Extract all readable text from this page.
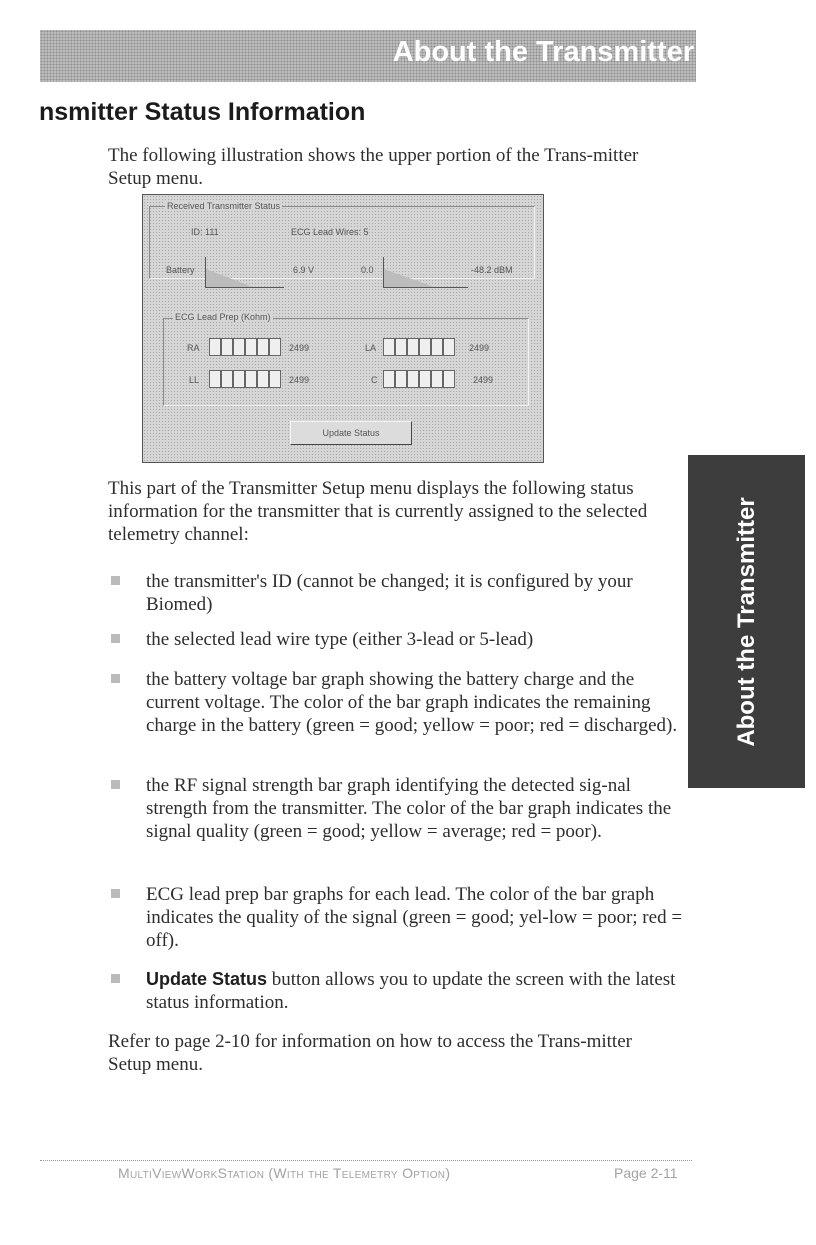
About the Transmitter
nsmitter Status Information

The following illustration shows the upper portion of the Trans-mitter Setup menu.

Received Transmitter Status
ID: 111	ECG Lead Wires: 5
Battery	6.9 V	0.0	-48.2 dBM
ECG Lead Prep (Kohm)
RA	2499	LA	2499
LL	2499	C	2499
Update Status

This part of the Transmitter Setup menu displays the following status information for the transmitter that is currently assigned to the selected telemetry channel:

the transmitter's ID (cannot be changed; it is configured by your Biomed)

the selected lead wire type (either 3-lead or 5-lead)

the battery voltage bar graph showing the battery charge and the current voltage. The color of the bar graph indicates the remaining charge in the battery (green = good; yellow = poor; red = discharged).

the RF signal strength bar graph identifying the detected sig-nal strength from the transmitter. The color of the bar graph indicates the signal quality (green = good; yellow = average; red = poor).

ECG lead prep bar graphs for each lead. The color of the bar graph indicates the quality of the signal (green = good; yel-low = poor; red = off).

Update Status button allows you to update the screen with the latest status information.

Refer to page 2-10 for information on how to access the Trans-mitter Setup menu.

About the Transmitter
MultiViewWorkStation (With the Telemetry Option)	Page 2-11
